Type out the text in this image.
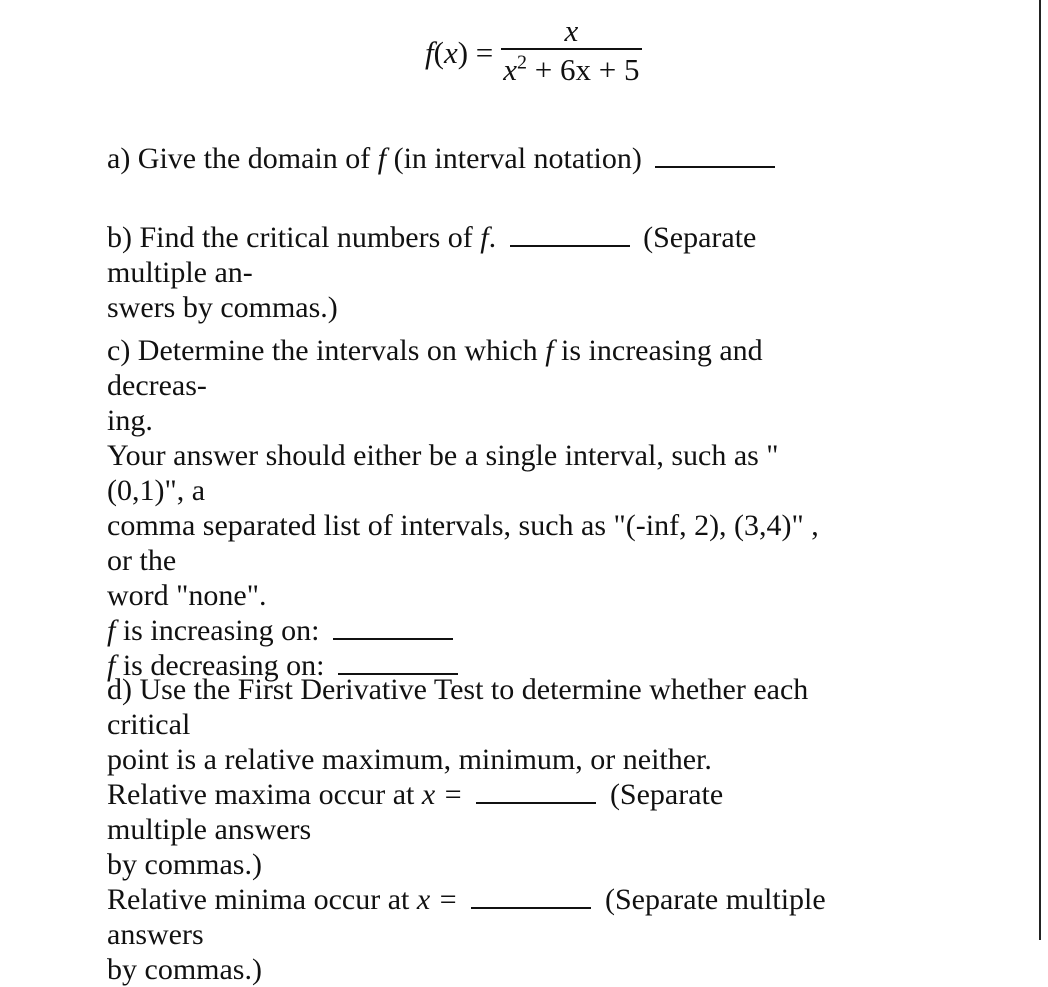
$f(x) = \frac{x}{x^2 + 6x + 5}$

a) Give the domain of f (in interval notation)

b) Find the critical numbers of f.	(Separate multiple an-
swers by commas.)

c) Determine the intervals on which f is increasing and decreas-
ing.
Your answer should either be a single interval, such as "(0,1)", a
comma separated list of intervals, such as "(-inf, 2), (3,4)" , or the
word "none".
f is increasing on:
f is decreasing on:

d) Use the First Derivative Test to determine whether each critical
point is a relative maximum, minimum, or neither.
Relative maxima occur at x =	(Separate multiple answers
by commas.)
Relative minima occur at x =	(Separate multiple answers
by commas.)
